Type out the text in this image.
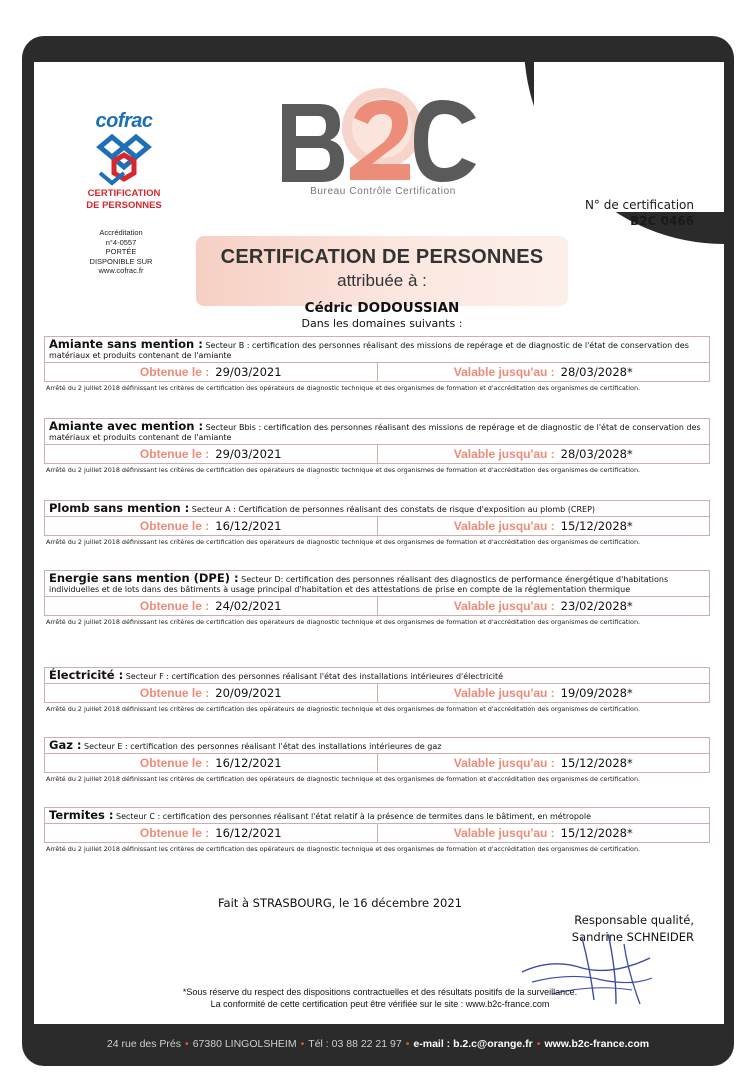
cofrac
CERTIFICATION
DE PERSONNES
Accréditation
n°4-0557
PORTÉE
DISPONIBLE SUR
www.cofrac.fr
Bureau Contrôle Certification
N° de certification
B2C 0466
CERTIFICATION DE PERSONNES
attribuée à :
Cédric DODOUSSIAN
Dans les domaines suivants :
Amiante sans mention : Secteur B : certification des personnes réalisant des missions de repérage et de diagnostic de l'état de conservation des matériaux et produits contenant de l'amiante
Obtenue le : 29/03/2021	Valable jusqu'au : 28/03/2028*
Arrêté du 2 juillet 2018 définissant les critères de certification des opérateurs de diagnostic technique et des organismes de formation et d'accréditation des organismes de certification.
Amiante avec mention : Secteur Bbis : certification des personnes réalisant des missions de repérage et de diagnostic de l'état de conservation des matériaux et produits contenant de l'amiante
Obtenue le : 29/03/2021	Valable jusqu'au : 28/03/2028*
Arrêté du 2 juillet 2018 définissant les critères de certification des opérateurs de diagnostic technique et des organismes de formation et d'accréditation des organismes de certification.
Plomb sans mention : Secteur A : Certification de personnes réalisant des constats de risque d'exposition au plomb (CREP)
Obtenue le : 16/12/2021	Valable jusqu'au : 15/12/2028*
Arrêté du 2 juillet 2018 définissant les critères de certification des opérateurs de diagnostic technique et des organismes de formation et d'accréditation des organismes de certification.
Energie sans mention (DPE) : Secteur D: certification des personnes réalisant des diagnostics de performance énergétique d'habitations individuelles et de lots dans des bâtiments à usage principal d'habitation et des attestations de prise en compte de la réglementation thermique
Obtenue le : 24/02/2021	Valable jusqu'au : 23/02/2028*
Arrêté du 2 juillet 2018 définissant les critères de certification des opérateurs de diagnostic technique et des organismes de formation et d'accréditation des organismes de certification.
Électricité : Secteur F : certification des personnes réalisant l'état des installations intérieures d'électricité
Obtenue le : 20/09/2021	Valable jusqu'au : 19/09/2028*
Arrêté du 2 juillet 2018 définissant les critères de certification des opérateurs de diagnostic technique et des organismes de formation et d'accréditation des organismes de certification.
Gaz : Secteur E : certification des personnes réalisant l'état des installations intérieures de gaz
Obtenue le : 16/12/2021	Valable jusqu'au : 15/12/2028*
Arrêté du 2 juillet 2018 définissant les critères de certification des opérateurs de diagnostic technique et des organismes de formation et d'accréditation des organismes de certification.
Termites : Secteur C : certification des personnes réalisant l'état relatif à la présence de termites dans le bâtiment, en métropole
Obtenue le : 16/12/2021	Valable jusqu'au : 15/12/2028*
Arrêté du 2 juillet 2018 définissant les critères de certification des opérateurs de diagnostic technique et des organismes de formation et d'accréditation des organismes de certification.
Fait à STRASBOURG, le 16 décembre 2021
Responsable qualité,
Sandrine SCHNEIDER
*Sous réserve du respect des dispositions contractuelles et des résultats positifs de la surveillance.
La conformité de cette certification peut être vérifiée sur le site : www.b2c-france.com
24 rue des Prés • 67380 LINGOLSHEIM • Tél : 03 88 22 21 97 • e-mail : b.2.c@orange.fr • www.b2c-france.com
